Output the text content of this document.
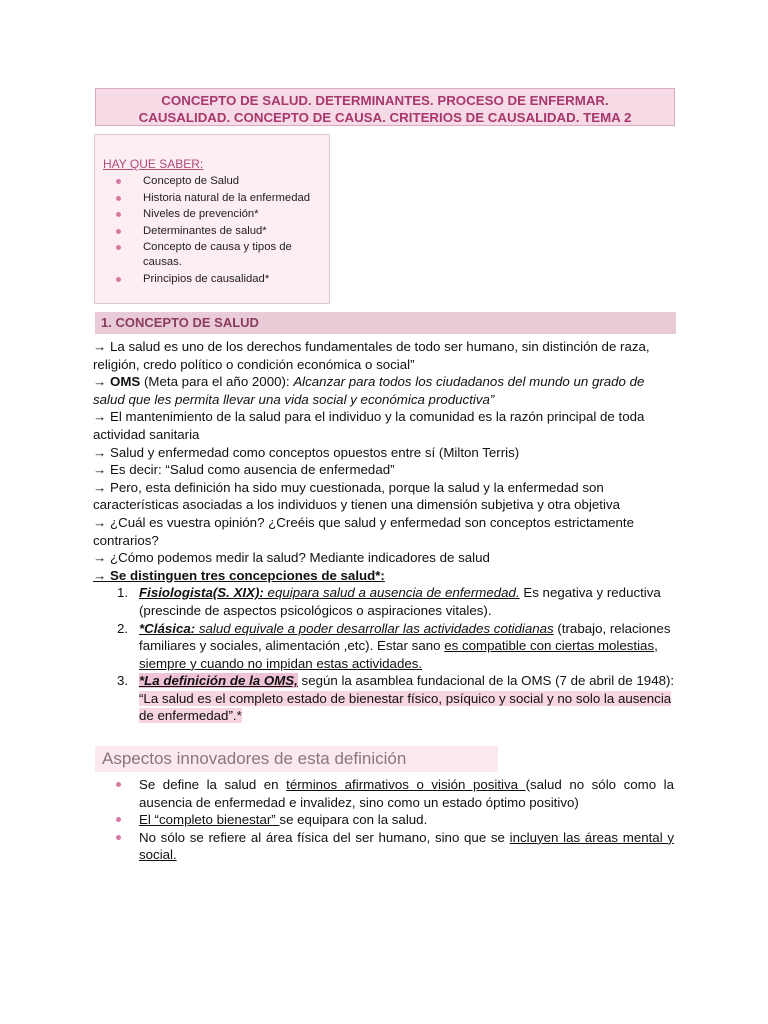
CONCEPTO DE SALUD. DETERMINANTES. PROCESO DE ENFERMAR.
CAUSALIDAD. CONCEPTO DE CAUSA. CRITERIOS DE CAUSALIDAD. TEMA 2
HAY QUE SABER:
Concepto de Salud
Historia natural de la enfermedad
Niveles de prevención*
Determinantes de salud*
Concepto de causa y tipos de causas.
Principios de causalidad*
1. CONCEPTO DE SALUD

→ La salud es uno de los derechos fundamentales de todo ser humano, sin distinción de raza, religión, credo político o condición económica o social”

→ OMS (Meta para el año 2000): Alcanzar para todos los ciudadanos del mundo un grado de salud que les permita llevar una vida social y económica productiva”

→ El mantenimiento de la salud para el individuo y la comunidad es la razón principal de toda actividad sanitaria

→ Salud y enfermedad como conceptos opuestos entre sí (Milton Terris)

→ Es decir: “Salud como ausencia de enfermedad”

→ Pero, esta definición ha sido muy cuestionada, porque la salud y la enfermedad son características asociadas a los individuos y tienen una dimensión subjetiva y otra objetiva

→ ¿Cuál es vuestra opinión? ¿Creéis que salud y enfermedad son conceptos estrictamente contrarios?

→ ¿Cómo podemos medir la salud? Mediante indicadores de salud

→ Se distinguen tres concepciones de salud*:

1. Fisiologista(S. XIX): equipara salud a ausencia de enfermedad. Es negativa y reductiva (prescinde de aspectos psicológicos o aspiraciones vitales).
2. *Clásica: salud equivale a poder desarrollar las actividades cotidianas (trabajo, relaciones familiares y sociales, alimentación ,etc). Estar sano es compatible con ciertas molestias, siempre y cuando no impidan estas actividades.
3. *La definición de la OMS, según la asamblea fundacional de la OMS (7 de abril de 1948): “La salud es el completo estado de bienestar físico, psíquico y social y no solo la ausencia de enfermedad”.*
Aspectos innovadores de esta definición
Se define la salud en términos afirmativos o visión positiva (salud no sólo como la ausencia de enfermedad e invalidez, sino como un estado óptimo positivo)
El “completo bienestar” se equipara con la salud.
No sólo se refiere al área física del ser humano, sino que se incluyen las áreas mental y social.
